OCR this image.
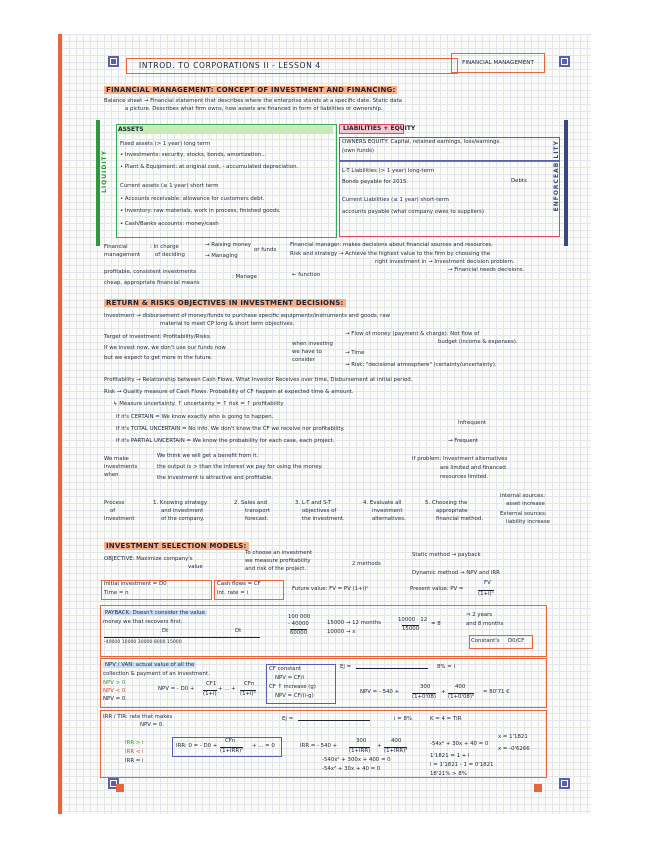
INTROD. TO CORPORATIONS II - LESSON 4	FINANCIAL MANAGEMENT
FINANCIAL MANAGEMENT: CONCEPT OF INVESTMENT AND FINANCING:
Balance sheet → Financial statement that describes where the enterprise stands at a specific date. Static data
a picture. Describes what firm owns, how assets are financed in form of liabilities or ownership.
LIQUIDITY	ENFORCEABILITY
ASSETS
Fixed assets (> 1 year) long term
• Investments: security, stocks, bonds, amortization...
• Plant & Equipment: at original cost, - accumulated depreciation.
Current assets (≤ 1 year) short term
• Accounts receivable: allowance for customers debt.
• Inventory: raw materials, work in process, finished goods.
• Cash/Banks accounts: money/cash
LIABILITIES + EQUITY
OWNERS EQUITY: Capital, retained earnings, loss/earnings.
(own funds)
L-T Liabilities (> 1 year) long-term
Bonds payable for 2015.
Current Liabilities (≤ 1 year) short-term
accounts payable (what company owes to suppliers)
Debts
Financial
management
: In charge
of deciding
→ Raising money
→ Managing
or funds
Financial manager: makes decisions about financial sources and resources.
Risk and strategy → Achieve the highest value to the firm by choosing the
right investment in → Investment decision problem.
→ Financial needs decisions.
profitable, consistent investments
cheap, appropriate financial means
: Manage	← function
RETURN & RISKS OBJECTIVES IN INVESTMENT DECISIONS:
Investment → disbursement of money/funds to purchase specific equipments/instruments and goods, raw
material to meet CP long & short term objectives.
Target of investment: Profitability/Risks.	→ Flow of money (payment & charge). Not flow of
budget (income & expenses).
If we invest now, we don't use our funds now
but we expect to get more in the future.
when investing
we have to
consider
→ Time
→ Risk: "decisional atmosphere" (certainty/uncertainty).
Profitability → Relationship between Cash Flows, What Investor Receives over time, Disbursement at initial period.
Risk → Quality measure of Cash Flows. Probability of CF happen at expected time & amount.
↳ Measure uncertainty. ↑ uncertainty = ↑ risk = ↑ profitability
If it's CERTAIN = We know exactly who is going to happen.
If it's TOTAL UNCERTAIN = No info. We don't know the CF we receive nor profitability.
If it's PARTIAL UNCERTAIN = We know the probability for each case, each project.
Infrequent
→ Frequent
We make
investments
when
We think we will get a benefit from it.
the output is > than the interest we pay for using the money.
the investment is attractive and profitable.
If problem: Investment alternatives
are limited and financed
resources limited.
Process
of
Investment
1. Knowing strategy
and investment
of the company.
2. Sales and
transport
forecast.
3. L-T and S-T
objectives of
the investment.
4. Evaluate all
investment
alternatives.
5. Choosing the
appropriate
financial method.
Internal sources:
asset increase
External sources:
liability increase
INVESTMENT SELECTION MODELS:
OBJECTIVE: Maximize company's
value
To choose an investment
we measure profitability
and risk of the project.
2 methods
Static method → payback
Dynamic method → NPV and IRR
Initial investment = D0
Time = n
Cash flows = CF
Int. rate = i
Future value: FV = PV (1+i)ⁿ	Present value: PV =
FV
(1+i)ⁿ
PAYBACK: Doesn't consider the value
money we that recovers first.
Dt	Dt
-40000 10000 30000 8000 15000
100 000
- 40000
60000
15000 → 12 months
10000 → x
10000 · 12
15000
= 8
⇒ 2 years
and 8 months
Constant's D0/CF
NPV / VAN: actual value of all the
collection & payment of an investment.
NPV > 0
NPV < 0
NPV = 0
NPV = - D0 +
CF1
(1+i)
+ ... +
CFn
(1+i)ⁿ
CF constant
NPV = CF/i
CF ↑ increase (g)
NPV = CF/(i-g)
Ej =	8% = i
NPV = - 540 +
300
(1+0'08)
+
400
(1+0'08)²
= 80'71 €
IRR / TIR: rate that makes
NPV = 0.
Ej =	i = 8%	K = 4 = TIR
IRR > i
IRR < i
IRR = i
IRR: 0 = - D0 +
CFn
(1+IRR)ⁿ
+ ... = 0	IRR = - 540 +
300
(1+IRR)
+
400
(1+IRR)²
-540x² + 300x + 400 = 0
-54x² + 30x + 40 = 0
-54x² + 30x + 40 = 0
x = 1'1821
x = -0'6266
1'1821 = 1 + i
i = 1'1821 - 1 = 0'1821
18'21% > 8%
